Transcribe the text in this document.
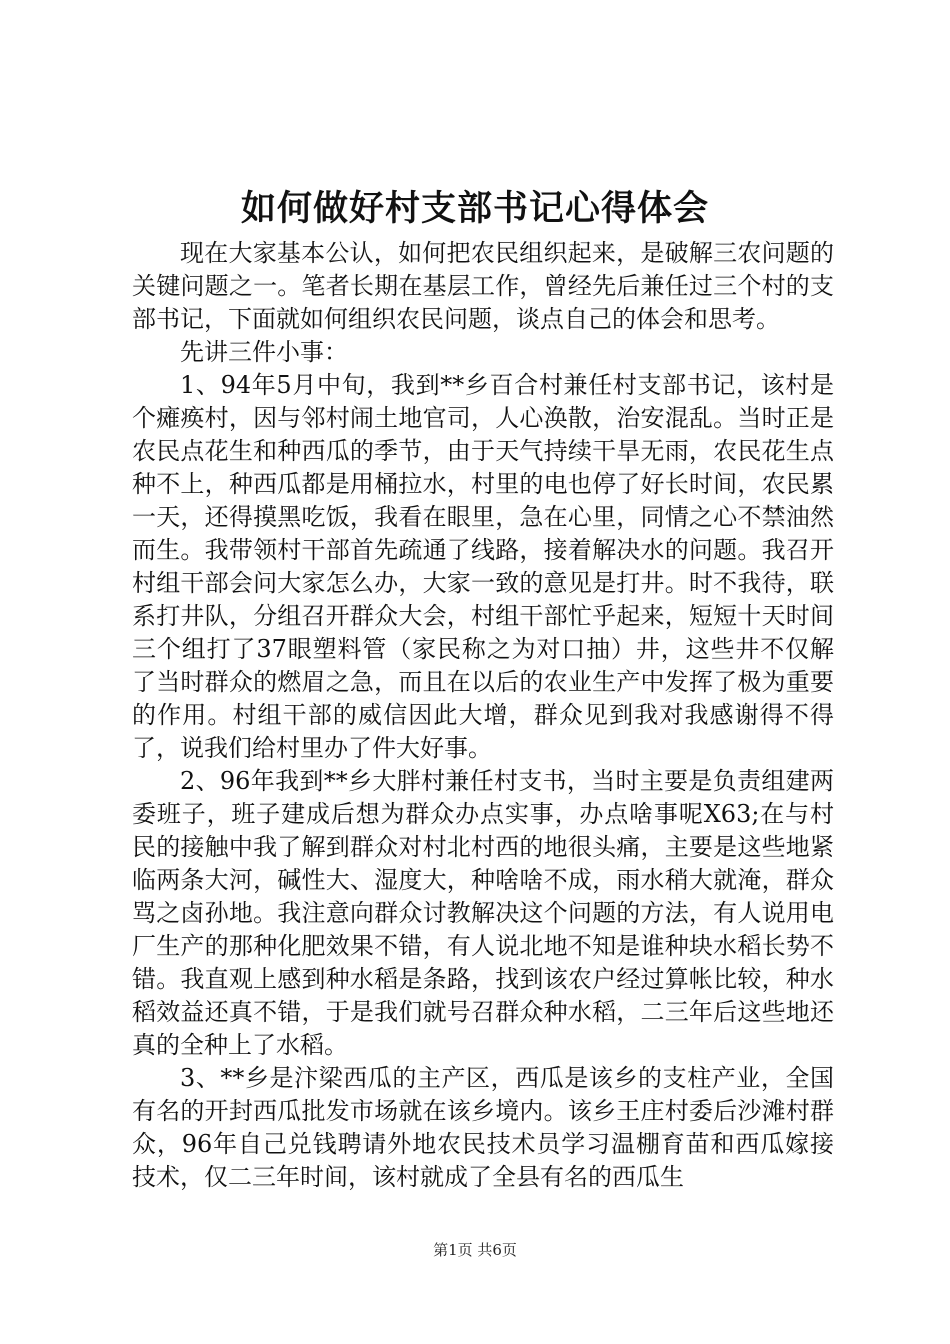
如何做好村支部书记心得体会

现在大家基本公认，如何把农民组织起来，是破解三农问题的关键问题之一。笔者长期在基层工作，曾经先后兼任过三个村的支部书记，下面就如何组织农民问题，谈点自己的体会和思考。

先讲三件小事：

1、94年5月中旬，我到**乡百合村兼任村支部书记，该村是个瘫痪村，因与邻村闹土地官司，人心涣散，治安混乱。当时正是农民点花生和种西瓜的季节，由于天气持续干旱无雨，农民花生点种不上，种西瓜都是用桶拉水，村里的电也停了好长时间，农民累一天，还得摸黑吃饭，我看在眼里，急在心里，同情之心不禁油然而生。我带领村干部首先疏通了线路，接着解决水的问题。我召开村组干部会问大家怎么办，大家一致的意见是打井。时不我待，联系打井队，分组召开群众大会，村组干部忙乎起来，短短十天时间三个组打了37眼塑料管（家民称之为对口抽）井，这些井不仅解了当时群众的燃眉之急，而且在以后的农业生产中发挥了极为重要的作用。村组干部的威信因此大增，群众见到我对我感谢得不得了，说我们给村里办了件大好事。

2、96年我到**乡大胖村兼任村支书，当时主要是负责组建两委班子，班子建成后想为群众办点实事，办点啥事呢X63;在与村民的接触中我了解到群众对村北村西的地很头痛，主要是这些地紧临两条大河，碱性大、湿度大，种啥啥不成，雨水稍大就淹，群众骂之卤孙地。我注意向群众讨教解决这个问题的方法，有人说用电厂生产的那种化肥效果不错，有人说北地不知是谁种块水稻长势不错。我直观上感到种水稻是条路，找到该农户经过算帐比较，种水稻效益还真不错，于是我们就号召群众种水稻，二三年后这些地还真的全种上了水稻。

3、**乡是汴梁西瓜的主产区，西瓜是该乡的支柱产业，全国有名的开封西瓜批发市场就在该乡境内。该乡王庄村委后沙滩村群众，96年自己兑钱聘请外地农民技术员学习温棚育苗和西瓜嫁接技术，仅二三年时间，该村就成了全县有名的西瓜生

第1页 共6页
